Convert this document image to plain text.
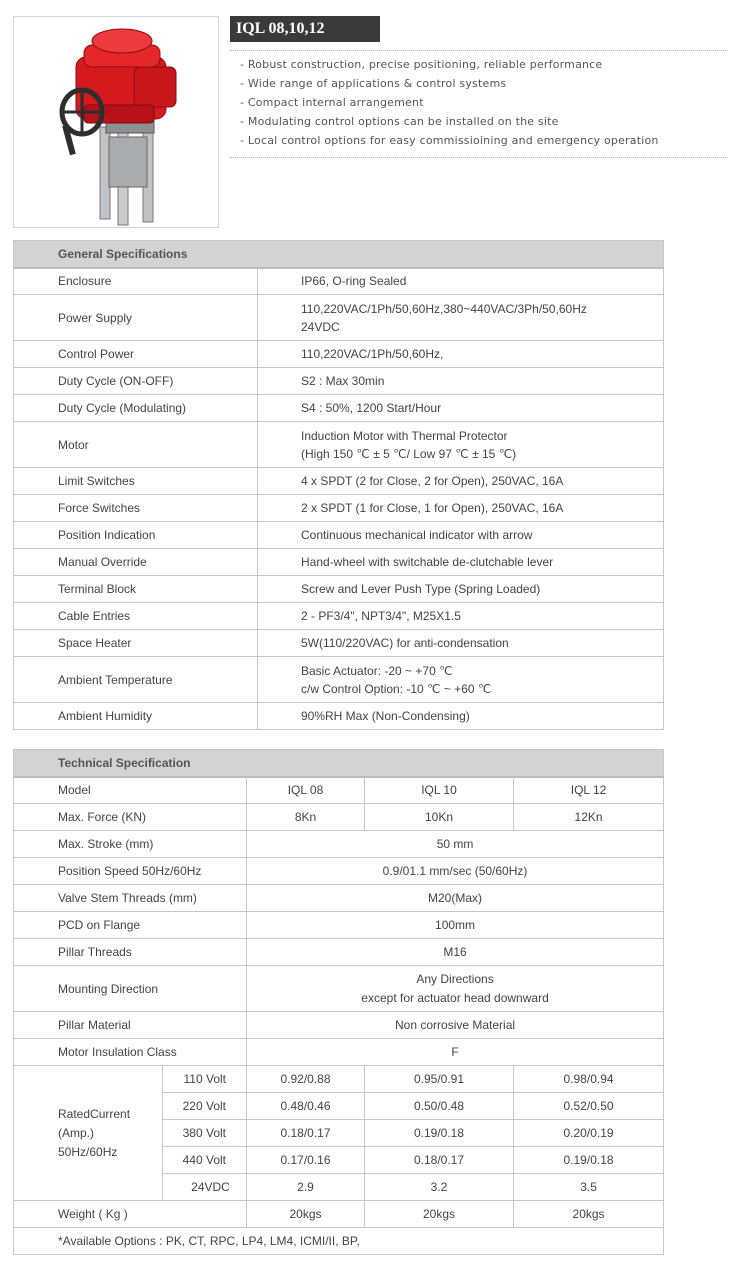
IQL 08,10,12
- Robust construction, precise positioning, reliable performance
- Wide range of applications & control systems
- Compact internal arrangement
- Modulating control options can be installed on the site
- Local control options for easy commissioining and emergency operation
General Specifications	
Enclosure	IP66, O-ring Sealed

Power Supply	110,220VAC/1Ph/50,60Hz,380~440VAC/3Ph/50,60Hz
24VDC

Control Power	110,220VAC/1Ph/50,60Hz,

Duty Cycle (ON-OFF)	S2 : Max 30min

Duty Cycle (Modulating)	S4 : 50%, 1200 Start/Hour

Motor	Induction Motor with Thermal Protector
(High 150 ℃ ± 5 ℃/ Low 97 ℃ ± 15 ℃)

Limit Switches	4 x SPDT (2 for Close, 2 for Open), 250VAC, 16A

Force Switches	2 x SPDT (1 for Close, 1 for Open), 250VAC, 16A

Position Indication	Continuous mechanical indicator with arrow

Manual Override	Hand-wheel with switchable de-clutchable lever

Terminal Block	Screw and Lever Push Type (Spring Loaded)

Cable Entries	2 - PF3/4", NPT3/4", M25X1.5

Space Heater	5W(110/220VAC) for anti-condensation

Ambient Temperature	Basic Actuator: -20 ~ +70 ℃
c/w Control Option: -10 ℃ ~ +60 ℃

Ambient Humidity	90%RH Max (Non-Condensing)
Technical Specification				
Model		IQL 08	IQL 10	IQL 12
Max. Force (KN)		8Kn	10Kn	12Kn
Max. Stroke (mm)		50 mm		

Position Speed 50Hz/60Hz		0.9/01.1 mm/sec (50/60Hz)		

Valve Stem Threads (mm)		M20(Max)		

PCD on Flange		100mm		

Pillar Threads		M16		

Mounting Direction		Any Directions
except for actuator head downward		

Pillar Material		Non corrosive Material		

Motor Insulation Class		F		

RatedCurrent
(Amp.)
50Hz/60Hz	110 Volt	0.92/0.88	0.95/0.91	0.98/0.94
	220 Volt	0.48/0.46	0.50/0.48	0.52/0.50
	380 Volt	0.18/0.17	0.19/0.18	0.20/0.19
	440 Volt	0.17/0.16	0.18/0.17	0.19/0.18
	24VDC	2.9	3.2	3.5
Weight ( Kg )		20kgs	20kgs	20kgs
*Available Options : PK, CT, RPC, LP4, LM4, ICMI/II, BP,				
